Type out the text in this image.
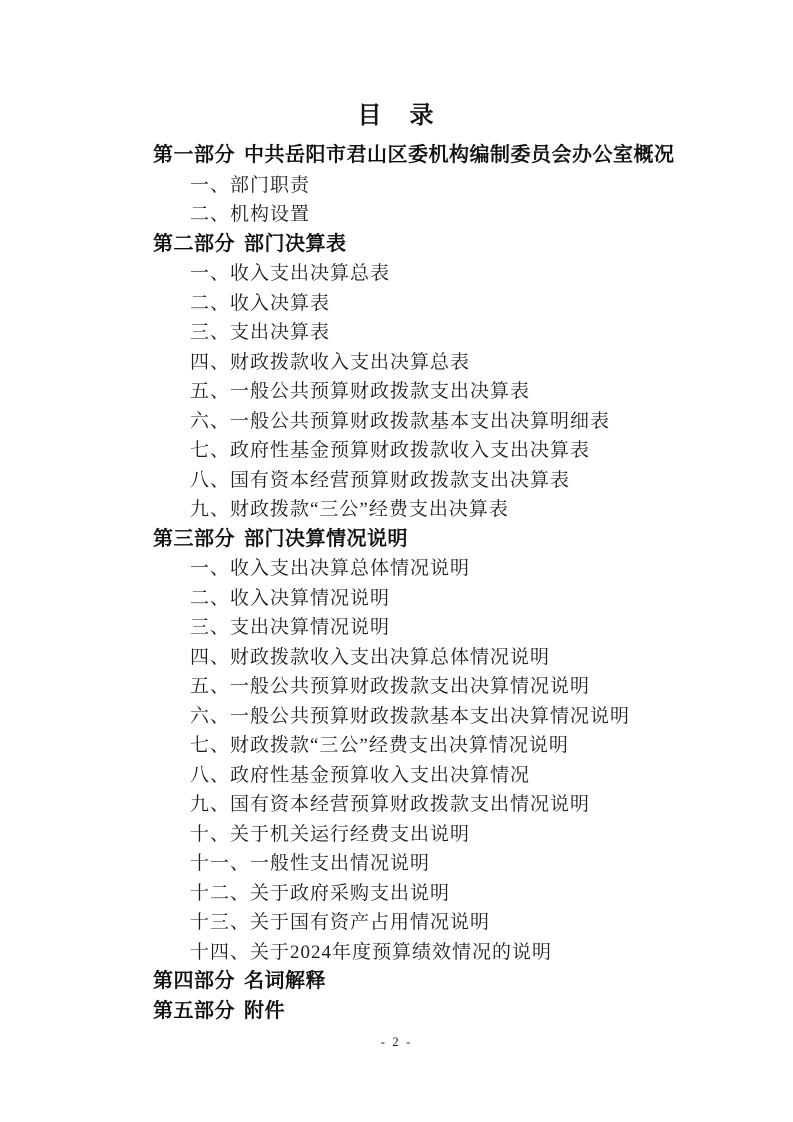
目　录
第一部分 中共岳阳市君山区委机构编制委员会办公室概况
一、部门职责
二、机构设置
第二部分 部门决算表
一、收入支出决算总表
二、收入决算表
三、支出决算表
四、财政拨款收入支出决算总表
五、一般公共预算财政拨款支出决算表
六、一般公共预算财政拨款基本支出决算明细表
七、政府性基金预算财政拨款收入支出决算表
八、国有资本经营预算财政拨款支出决算表
九、财政拨款“三公”经费支出决算表
第三部分 部门决算情况说明
一、收入支出决算总体情况说明
二、收入决算情况说明
三、支出决算情况说明
四、财政拨款收入支出决算总体情况说明
五、一般公共预算财政拨款支出决算情况说明
六、一般公共预算财政拨款基本支出决算情况说明
七、财政拨款“三公”经费支出决算情况说明
八、政府性基金预算收入支出决算情况
九、国有资本经营预算财政拨款支出情况说明
十、关于机关运行经费支出说明
十一、一般性支出情况说明
十二、关于政府采购支出说明
十三、关于国有资产占用情况说明
十四、关于2024年度预算绩效情况的说明
第四部分 名词解释
第五部分 附件
- 2 -
